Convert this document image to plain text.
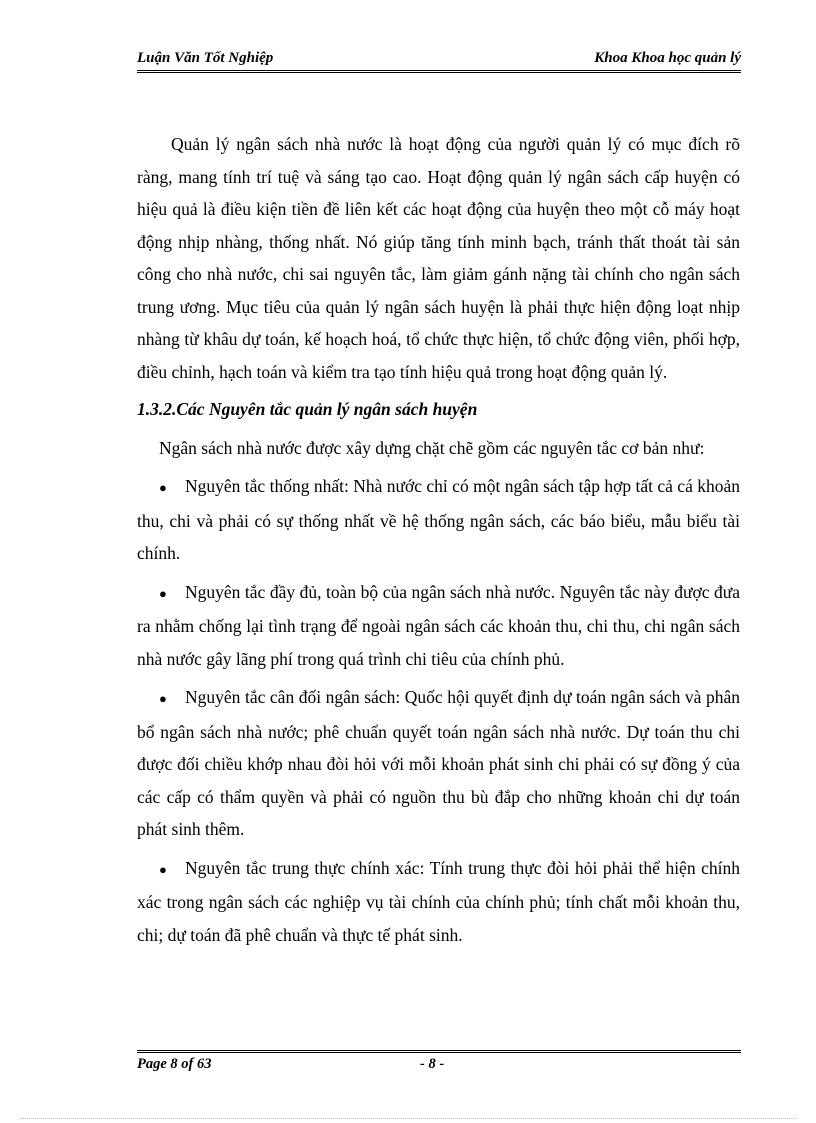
Luận Văn Tốt Nghiệp	Khoa Khoa học quản lý

Quản lý ngân sách nhà nước là hoạt động của người quản lý có mục đích rõ ràng, mang tính trí tuệ và sáng tạo cao. Hoạt động quản lý ngân sách cấp huyện có hiệu quả là điều kiện tiền đề liên kết các hoạt động của huyện theo một cỗ máy hoạt động nhịp nhàng, thống nhất. Nó giúp tăng tính minh bạch, tránh thất thoát tài sản công cho nhà nước, chi sai nguyên tắc, làm giảm gánh nặng tài chính cho ngân sách trung ương. Mục tiêu của quản lý ngân sách huyện là phải thực hiện động loạt nhịp nhàng từ khâu dự toán, kế hoạch hoá, tổ chức thực hiện, tổ chức động viên, phối hợp, điều chỉnh, hạch toán và kiểm tra tạo tính hiệu quả trong hoạt động quản lý.

1.3.2.Các Nguyên tắc quản lý ngân sách huyện

Ngân sách nhà nước được xây dựng chặt chẽ gồm các nguyên tắc cơ bản như:

● Nguyên tắc thống nhất: Nhà nước chỉ có một ngân sách tập hợp tất cả cá khoản thu, chi và phải có sự thống nhất về hệ thống ngân sách, các báo biểu, mẫu biểu tài chính.

● Nguyên tắc đầy đủ, toàn bộ của ngân sách nhà nước. Nguyên tắc này được đưa ra nhằm chống lại tình trạng để ngoài ngân sách các khoản thu, chi thu, chi ngân sách nhà nước gây lãng phí trong quá trình chi tiêu của chính phủ.

● Nguyên tắc cân đối ngân sách: Quốc hội quyết định dự toán ngân sách và phân bổ ngân sách nhà nước; phê chuẩn quyết toán ngân sách nhà nước. Dự toán thu chi được đối chiều khớp nhau đòi hỏi với mỗi khoản phát sinh chi phải có sự đồng ý của các cấp có thẩm quyền và phải có nguồn thu bù đắp cho những khoản chi dự toán phát sinh thêm.

● Nguyên tắc trung thực chính xác: Tính trung thực đòi hỏi phải thể hiện chính xác trong ngân sách các nghiệp vụ tài chính của chính phủ; tính chất mỗi khoản thu, chi; dự toán đã phê chuẩn và thực tế phát sinh.

Page 8 of 63	- 8 -
